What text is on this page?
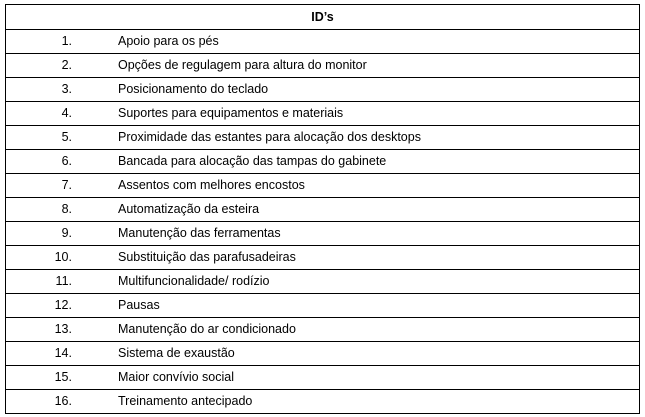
ID’s
1.	Apoio para os pés

2.	Opções de regulagem para altura do monitor

3.	Posicionamento do teclado

4.	Suportes para equipamentos e materiais

5.	Proximidade das estantes para alocação dos desktops

6.	Bancada para alocação das tampas do gabinete

7.	Assentos com melhores encostos

8.	Automatização da esteira

9.	Manutenção das ferramentas

10.	Substituição das parafusadeiras

11.	Multifuncionalidade/ rodízio

12.	Pausas

13.	Manutenção do ar condicionado

14.	Sistema de exaustão

15.	Maior convívio social

16.	Treinamento antecipado
